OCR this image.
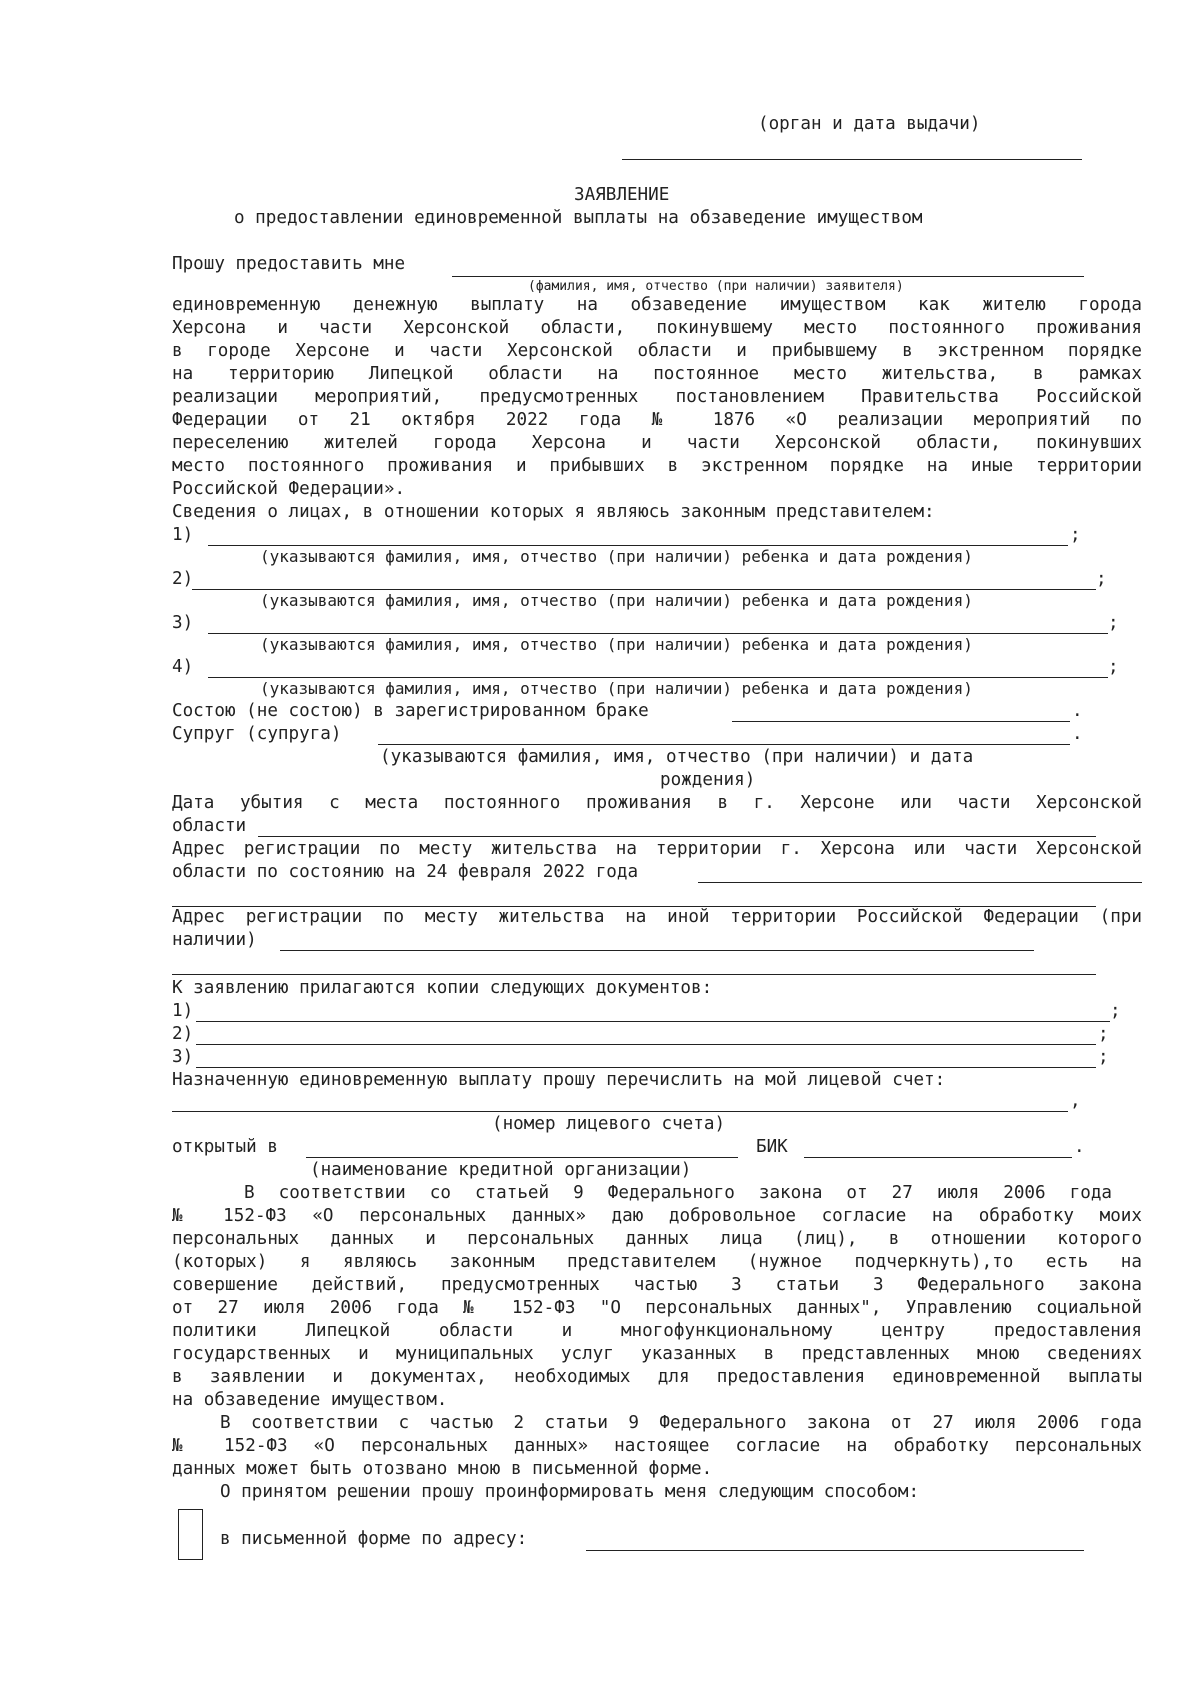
(орган и дата выдачи)
ЗАЯВЛЕНИЕ
о предоставлении единовременной выплаты на обзаведение имуществом
Прошу предоставить мне
(фамилия, имя, отчество (при наличии) заявителя)
единовременную денежную выплату на обзаведение имуществом как жителю города
Херсона и части Херсонской области, покинувшему место постоянного проживания
в городе Херсоне и части Херсонской области и прибывшему в экстренном порядке
на территорию Липецкой области на постоянное место жительства, в рамках
реализации мероприятий, предусмотренных постановлением Правительства Российской
Федерации от 21 октября 2022 года № 1876 «О реализации мероприятий по
переселению жителей города Херсона и части Херсонской области, покинувших
место постоянного проживания и прибывших в экстренном порядке на иные территории
Российской Федерации».
Сведения о лицах, в отношении которых я являюсь законным представителем:
1)	;
(указываются фамилия, имя, отчество (при наличии) ребенка и дата рождения)
2)	;
(указываются фамилия, имя, отчество (при наличии) ребенка и дата рождения)
3)	;
(указываются фамилия, имя, отчество (при наличии) ребенка и дата рождения)
4)	;
(указываются фамилия, имя, отчество (при наличии) ребенка и дата рождения)
Состою (не состою) в зарегистрированном браке	.
Супруг (супруга)	.
(указываются фамилия, имя, отчество (при наличии) и дата
рождения)
Дата убытия с места постоянного проживания в г. Херсоне или части Херсонской
области
Адрес регистрации по месту жительства на территории г. Херсона или части Херсонской
области по состоянию на 24 февраля 2022 года
Адрес регистрации по месту жительства на иной территории Российской Федерации (при
наличии)
К заявлению прилагаются копии следующих документов:
1)	;
2)	;
3)	;
Назначенную единовременную выплату прошу перечислить на мой лицевой счет:
,
(номер лицевого счета)
открытый в	БИК	.
(наименование кредитной организации)
В соответствии со статьей 9 Федерального закона от 27 июля 2006 года
№ 152-ФЗ «О персональных данных» даю добровольное согласие на обработку моих
персональных данных и персональных данных лица (лиц), в отношении которого
(которых) я являюсь законным представителем (нужное подчеркнуть),то есть на
совершение действий, предусмотренных частью 3 статьи 3 Федерального закона
от 27 июля 2006 года № 152-ФЗ "О персональных данных", Управлению социальной
политики Липецкой области и многофункциональному центру предоставления
государственных и муниципальных услуг указанных в представленных мною сведениях
в заявлении и документах, необходимых для предоставления единовременной выплаты
на обзаведение имуществом.
В соответствии с частью 2 статьи 9 Федерального закона от 27 июля 2006 года
№ 152-ФЗ «О персональных данных» настоящее согласие на обработку персональных
данных может быть отозвано мною в письменной форме.
О принятом решении прошу проинформировать меня следующим способом:
в письменной форме по адресу:
